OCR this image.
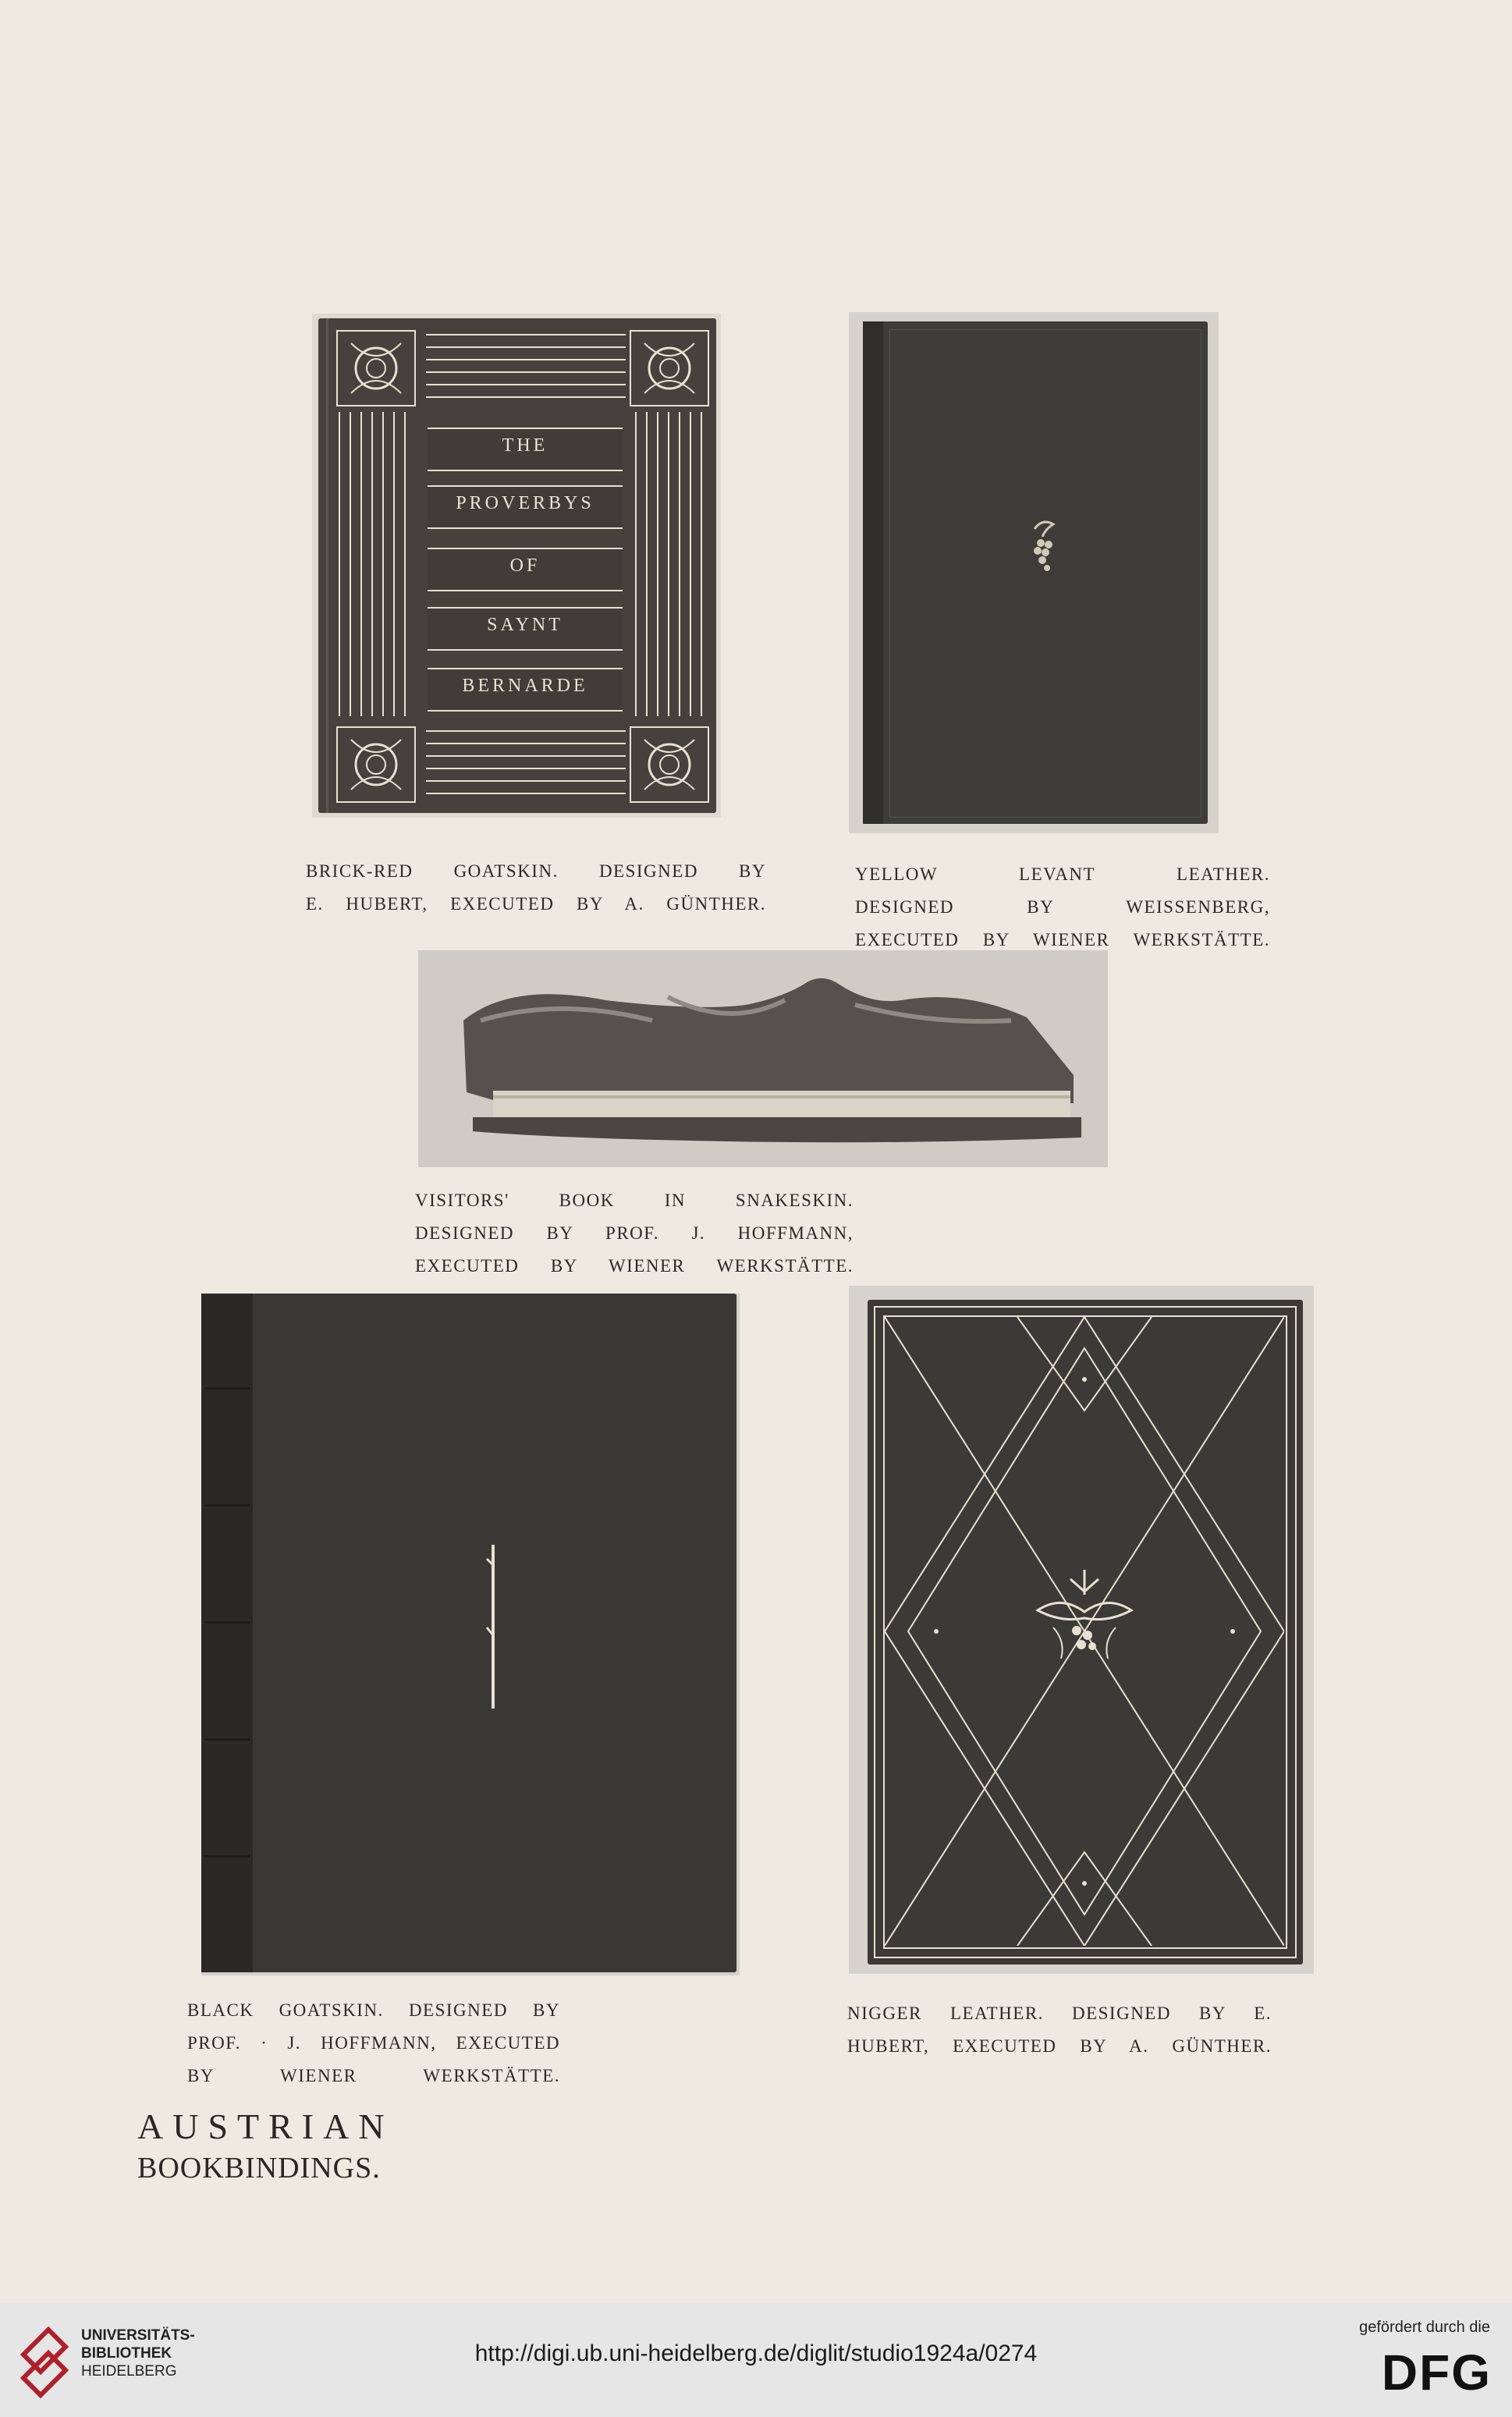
THE
PROVERBYS
OF
SAYNT
BERNARDE

BRICK-RED GOATSKIN. DESIGNED BY
E. HUBERT, EXECUTED BY A. GÜNTHER.

YELLOW LEVANT LEATHER.
DESIGNED BY WEISSENBERG,
EXECUTED BY WIENER WERKSTÄTTE.

VISITORS' BOOK IN SNAKESKIN.
DESIGNED BY PROF. J. HOFFMANN,
EXECUTED BY WIENER WERKSTÄTTE.

BLACK GOATSKIN. DESIGNED BY
PROF. · J. HOFFMANN, EXECUTED
BY WIENER WERKSTÄTTE.

NIGGER LEATHER. DESIGNED BY E.
HUBERT, EXECUTED BY A. GÜNTHER.

AUSTRIAN
BOOKBINDINGS.
UNIVERSITÄTS-
BIBLIOTHEK
HEIDELBERG
http://digi.ub.uni-heidelberg.de/diglit/studio1924a/0274
gefördert durch die
DFG
